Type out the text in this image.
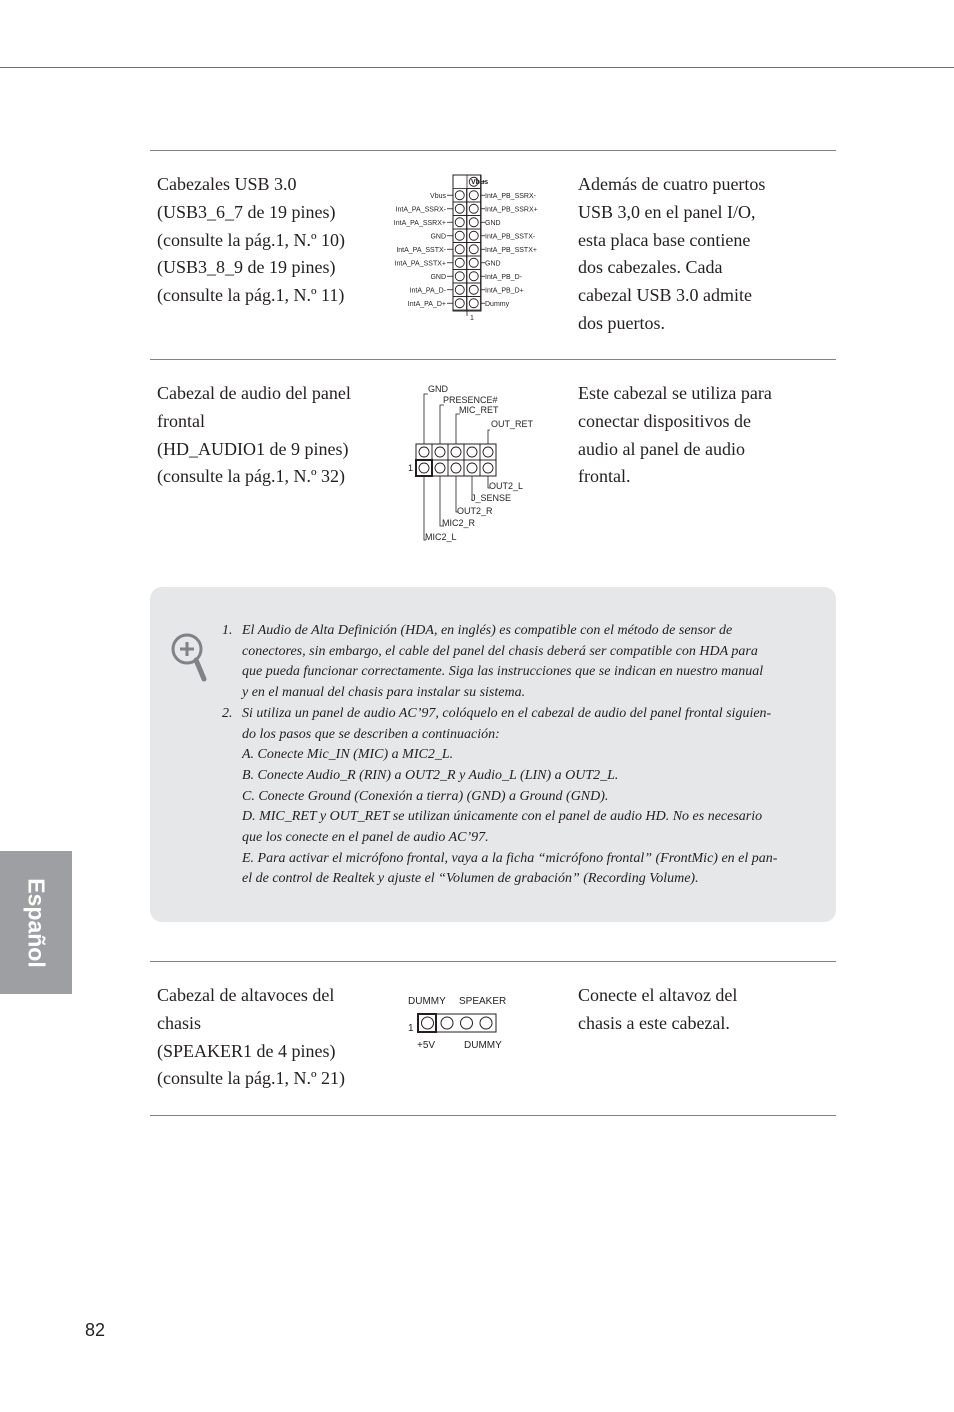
Cabezales USB 3.0
(USB3_6_7 de 19 pines)
(consulte la pág.1, N.º 10)
(USB3_8_9 de 19 pines)
(consulte la pág.1, N.º 11)
Vbus
Vbus
IntA_PA_SSRX-
IntA_PA_SSRX+
GND
IntA_PA_SSTX-
IntA_PA_SSTX+
GND
IntA_PA_D-
IntA_PA_D+
IntA_PB_SSRX-
IntA_PB_SSRX+
GND
IntA_PB_SSTX-
IntA_PB_SSTX+
GND
IntA_PB_D-
IntA_PB_D+
Dummy
1
Además de cuatro puertos
USB 3,0 en el panel I/O,
esta placa base contiene
dos cabezales. Cada
cabezal USB 3.0 admite
dos puertos.
Cabezal de audio del panel
frontal
(HD_AUDIO1 de 9 pines)
(consulte la pág.1, N.º 32)
GND
PRESENCE#
MIC_RET
OUT_RET
OUT2_L
J_SENSE
OUT2_R
MIC2_R
MIC2_L
1
Este cabezal se utiliza para
conectar dispositivos de
audio al panel de audio
frontal.
1. El Audio de Alta Definición (HDA, en inglés) es compatible con el método de sensor de
conectores, sin embargo, el cable del panel del chasis deberá ser compatible con HDA para
que pueda funcionar correctamente. Siga las instrucciones que se indican en nuestro manual
y en el manual del chasis para instalar su sistema.
2. Si utiliza un panel de audio AC’97, colóquelo en el cabezal de audio del panel frontal siguien-
do los pasos que se describen a continuación:
A. Conecte Mic_IN (MIC) a MIC2_L.
B. Conecte Audio_R (RIN) a OUT2_R y Audio_L (LIN) a OUT2_L.
C. Conecte Ground (Conexión a tierra) (GND) a Ground (GND).
D. MIC_RET y OUT_RET se utilizan únicamente con el panel de audio HD. No es necesario
que los conecte en el panel de audio AC’97.
E. Para activar el micrófono frontal, vaya a la ficha “micrófono frontal” (FrontMic) en el pan-
el de control de Realtek y ajuste el “Volumen de grabación” (Recording Volume).
Cabezal de altavoces del
chasis
(SPEAKER1 de 4 pines)
(consulte la pág.1, N.º 21)
DUMMY SPEAKER
1
+5V	DUMMY
Conecte el altavoz del
chasis a este cabezal.
Español
82
